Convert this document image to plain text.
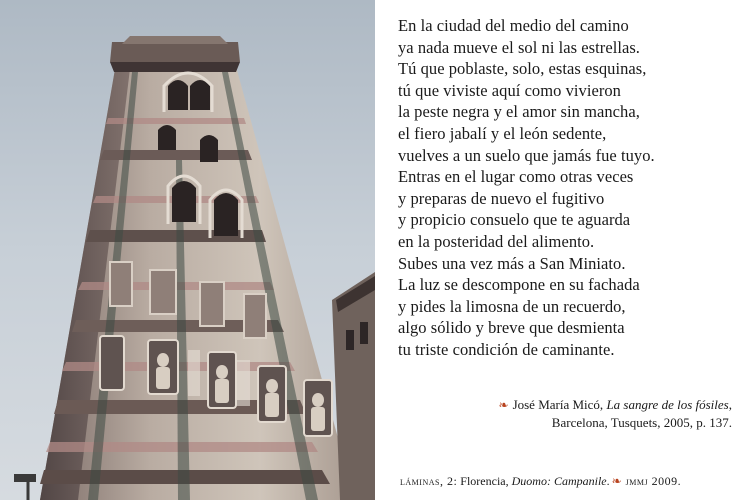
En la ciudad del medio del camino
ya nada mueve el sol ni las estrellas.
Tú que poblaste, solo, estas esquinas,
tú que viviste aquí como vivieron
la peste negra y el amor sin mancha,
el fiero jabalí y el león sedente,
vuelves a un suelo que jamás fue tuyo.
Entras en el lugar como otras veces
y preparas de nuevo el fugitivo
y propicio consuelo que te aguarda
en la posteridad del alimento.
Subes una vez más a San Miniato.
La luz se descompone en su fachada
y pides la limosna de un recuerdo,
algo sólido y breve que desmienta
tu triste condición de caminante.
❧ José María Micó, La sangre de los fósiles,
Barcelona, Tusquets, 2005, p. 137.
láminas, 2: Florencia, Duomo: Campanile. ❧ jmmj 2009.
